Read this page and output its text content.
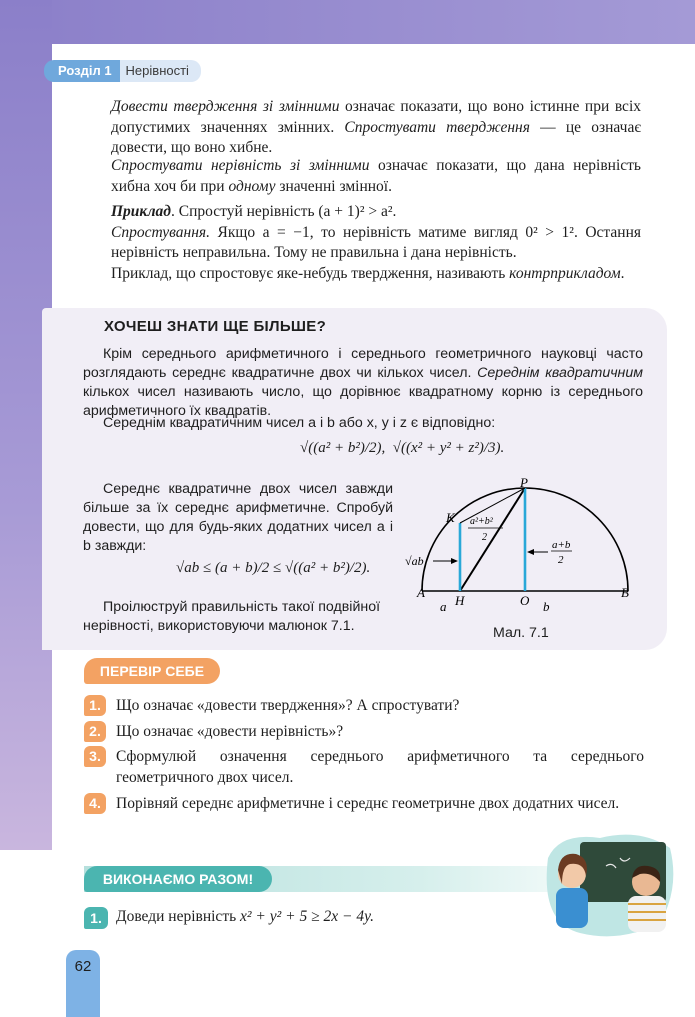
Розділ 1	Нерівності

Довести твердження зі змінними означає показати, що воно істинне при всіх допустимих значеннях змінних. Спростувати твердження — це означає довести, що воно хибне.

Спростувати нерівність зі змінними означає показати, що дана нерівність хибна хоч би при одному значенні змінної.

Приклад. Спростуй нерівність (a + 1)² > a².

Спростування. Якщо a = −1, то нерівність матиме вигляд 0² > 1². Остання нерівність неправильна. Тому не правильна і дана нерівність.

Приклад, що спростовує яке-небудь твердження, називають контрприкладом.

ХОЧЕШ ЗНАТИ ЩЕ БІЛЬШЕ?
Крім середнього арифметичного і середнього геометричного науковці часто розглядають середнє квадратичне двох чи кількох чисел. Середнім квадратичним кількох чисел називають число, що дорівнює квадратному корню із середнього арифметичного їх квадратів.
Середнім квадратичним чисел a і b або x, y і z є відповідно:
√((a² + b²)/2), √((x² + y² + z²)/3).
Середнє квадратичне двох чисел завжди більше за їх середнє арифметичне. Спробуй довести, що для будь-яких додатних чисел a і b завжди:
√ab ≤ (a + b)/2 ≤ √((a² + b²)/2).
Проілюструй правильність такої подвійної нерівності, використовуючи малюнок 7.1.
P
K
A	B
H	O
a	b
√ab
a+b
2
a²+b²
2
Мал. 7.1
ПЕРЕВІР СЕБЕ
1. Що означає «довести твердження»? А спростувати?
2. Що означає «довести нерівність»?
3. Сформулюй означення середнього арифметичного та середнього геометричного двох чисел.
4. Порівняй середнє арифметичне і середнє геометричне двох додатних чисел.
ВИКОНАЄМО РАЗОМ!
1. Доведи нерівність x² + y² + 5 ≥ 2x − 4y.
62
